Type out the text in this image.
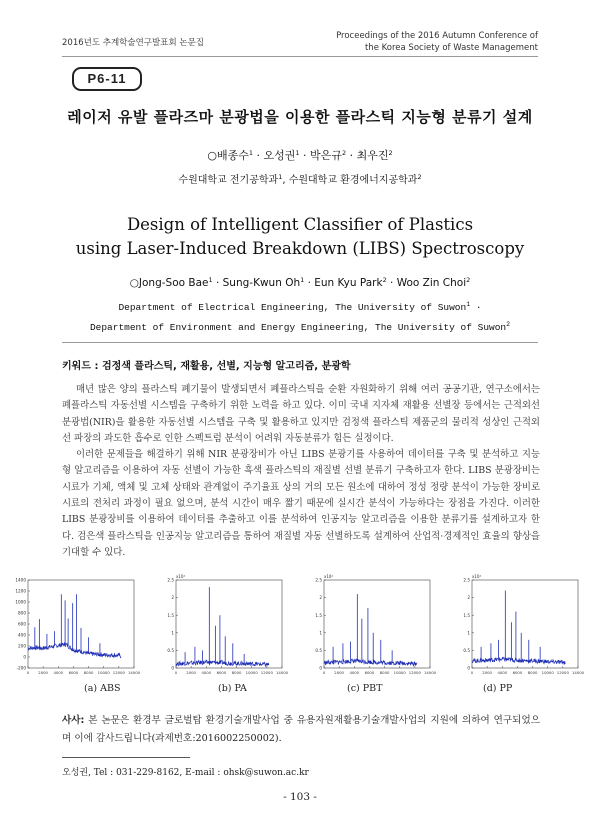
2016년도 추계학술연구발표회 논문집
Proceedings of the 2016 Autumn Conference of
the Korea Society of Waste Management
P6-11
레이저 유발 플라즈마 분광법을 이용한 플라스틱 지능형 분류기 설계
○배종수$^1$ · 오성권$^1$ · 박은규$^2$ · 최우진$^2$
수원대학교 전기공학과$^1$, 수원대학교 환경에너지공학과$^2$
Design of Intelligent Classifier of Plastics
using Laser-Induced Breakdown (LIBS) Spectroscopy
○Jong-Soo Bae$^1$ · Sung-Kwun $Oh^1$ · Eun Kyu Park$^2$ · Woo Zin Choi$^2$
Department of Electrical Engineering, The University of Suwon$^1$ ·
Department of Environment and Energy Engineering, The University of Suwon$^2$
키워드 : 검정색 플라스틱, 재활용, 선별, 지능형 알고리즘, 분광학

매년 많은 양의 플라스틱 폐기물이 발생되면서 폐플라스틱을 순환 자원화하기 위해 여러 공공기관, 연구소에서는 폐플라스틱 자동선별 시스템을 구축하기 위한 노력을 하고 있다. 이미 국내 지자체 재활용 선별장 등에서는 근적외선 분광법(NIR)을 활용한 자동선별 시스템을 구축 및 활용하고 있지만 검정색 플라스틱 제품군의 물리적 성상인 근적외선 파장의 과도한 흡수로 인한 스펙트럼 분석이 어려워 자동분류가 힘든 실정이다.

이러한 문제들을 해결하기 위해 NIR 분광장비가 아닌 LIBS 분광기를 사용하여 데이터를 구축 및 분석하고 지능형 알고리즘을 이용하여 자동 선별이 가능한 흑색 플라스틱의 재질별 선별 분류기 구축하고자 한다. LIBS 분광장비는 시료가 기체, 액체 및 고체 상태와 관계없이 주기율표 상의 거의 모든 원소에 대하여 정성 정량 분석이 가능한 장비로 시료의 전처리 과정이 필요 없으며, 분석 시간이 매우 짧기 때문에 실시간 분석이 가능하다는 장점을 가진다. 이러한 LIBS 분광장비를 이용하여 데이터를 추출하고 이를 분석하여 인공지능 알고리즘을 이용한 분류기를 설계하고자 한다. 검은색 플라스틱을 인공지능 알고리즘을 통하여 재질별 자동 선별하도록 설계하여 산업적·경제적인 효율의 향상을 기대할 수 있다.

-200
0
200
400
600
800
1000
1200
1400
0 2000 4000 6000 8000 10000 12000 14000
0
0.5
1
1.5
2
2.5
0 2000 4000 6000 8000 10000 12000 14000
x10⁴
0
0.5
1
1.5
2
2.5
0 2000 4000 6000 8000 10000 12000 14000
x10⁴
0
0.5
1
1.5
2
2.5
0 2000 4000 6000 8000 10000 12000 14000
x10⁴
(a) ABS	(b) PA	(c) PBT	(d) PP
사사: 본 논문은 환경부 글로벌탑 환경기술개발사업 중 유용자원재활용기술개발사업의 지원에 의하여 연구되었으며 이에 감사드립니다(과제번호:2016002250002).
오성권, Tel : 031-229-8162, E-mail : ohsk@suwon.ac.kr
- 103 -
